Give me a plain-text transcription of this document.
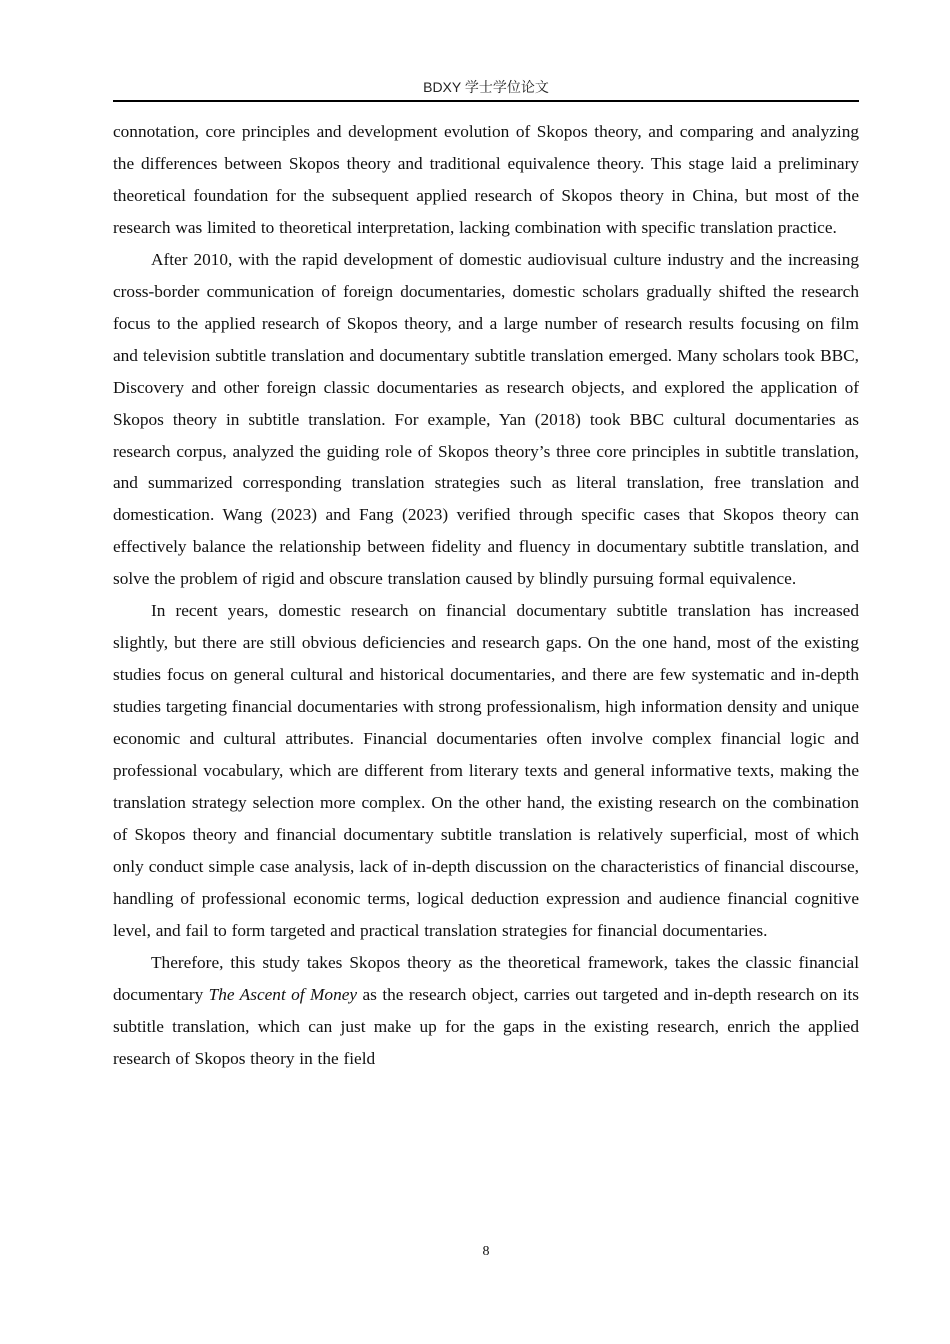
BDXY 学士学位论文

connotation, core principles and development evolution of Skopos theory, and comparing and analyzing the differences between Skopos theory and traditional equivalence theory. This stage laid a preliminary theoretical foundation for the subsequent applied research of Skopos theory in China, but most of the research was limited to theoretical interpretation, lacking combination with specific translation practice.

After 2010, with the rapid development of domestic audiovisual culture industry and the increasing cross-border communication of foreign documentaries, domestic scholars gradually shifted the research focus to the applied research of Skopos theory, and a large number of research results focusing on film and television subtitle translation and documentary subtitle translation emerged. Many scholars took BBC, Discovery and other foreign classic documentaries as research objects, and explored the application of Skopos theory in subtitle translation. For example, Yan (2018) took BBC cultural documentaries as research corpus, analyzed the guiding role of Skopos theory’s three core principles in subtitle translation, and summarized corresponding translation strategies such as literal translation, free translation and domestication. Wang (2023) and Fang (2023) verified through specific cases that Skopos theory can effectively balance the relationship between fidelity and fluency in documentary subtitle translation, and solve the problem of rigid and obscure translation caused by blindly pursuing formal equivalence.

In recent years, domestic research on financial documentary subtitle translation has increased slightly, but there are still obvious deficiencies and research gaps. On the one hand, most of the existing studies focus on general cultural and historical documentaries, and there are few systematic and in-depth studies targeting financial documentaries with strong professionalism, high information density and unique economic and cultural attributes. Financial documentaries often involve complex financial logic and professional vocabulary, which are different from literary texts and general informative texts, making the translation strategy selection more complex. On the other hand, the existing research on the combination of Skopos theory and financial documentary subtitle translation is relatively superficial, most of which only conduct simple case analysis, lack of in-depth discussion on the characteristics of financial discourse, handling of professional economic terms, logical deduction expression and audience financial cognitive level, and fail to form targeted and practical translation strategies for financial documentaries.

Therefore, this study takes Skopos theory as the theoretical framework, takes the classic financial documentary The Ascent of Money as the research object, carries out targeted and in-depth research on its subtitle translation, which can just make up for the gaps in the existing research, enrich the applied research of Skopos theory in the field

8
